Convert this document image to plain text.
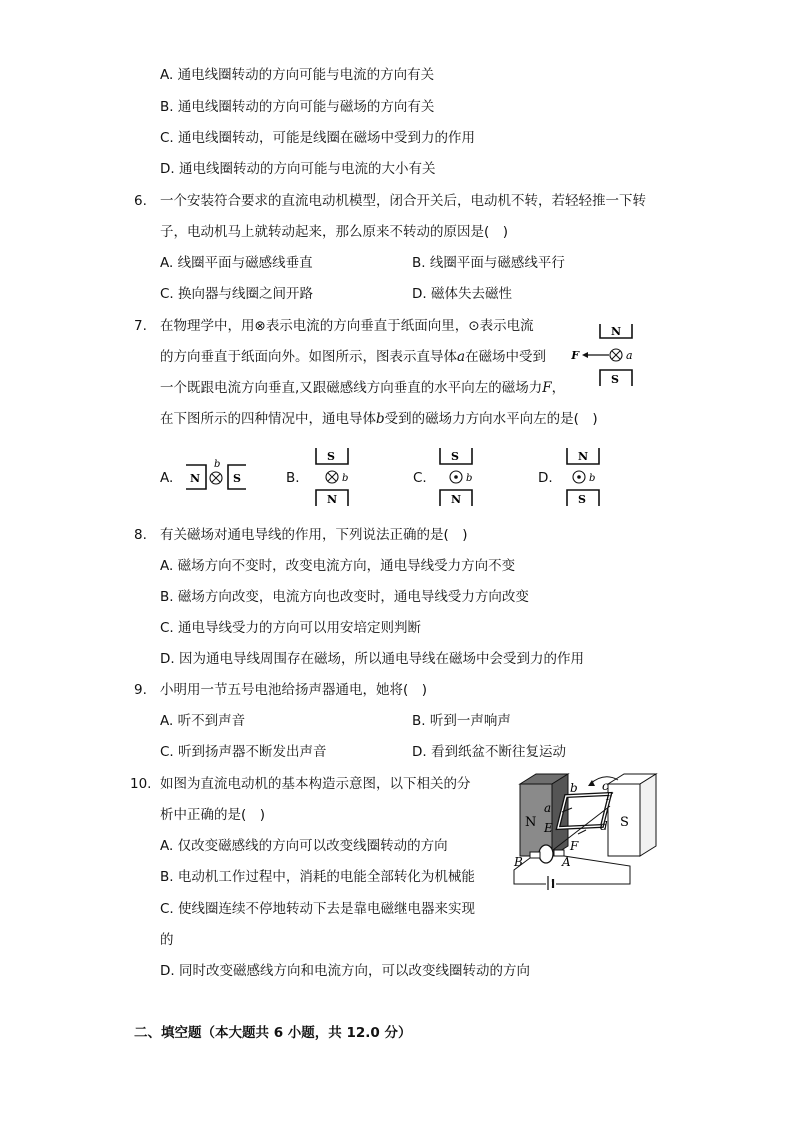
A. 通电线圈转动的方向可能与电流的方向有关
B. 通电线圈转动的方向可能与磁场的方向有关
C. 通电线圈转动，可能是线圈在磁场中受到力的作用
D. 通电线圈转动的方向可能与电流的大小有关
6. 一个安装符合要求的直流电动机模型，闭合开关后，电动机不转，若轻轻推一下转
子，电动机马上就转动起来，那么原来不转动的原因是(　)
A. 线圈平面与磁感线垂直	B. 线圈平面与磁感线平行
C. 换向器与线圈之间开路	D. 磁体失去磁性
7. 在物理学中，用⊗表示电流的方向垂直于纸面向里，⊙表示电流
的方向垂直于纸面向外。如图所示，图表示直导体a在磁场中受到
一个既跟电流方向垂直,又跟磁感线方向垂直的水平向左的磁场力F，
在下图所示的四种情况中，通电导体b受到的磁场力方向水平向左的是(　)
N
F	a
S
A. N
b
S	B.
S
b
N
C.
S
b
N
D.
N
b
S
8. 有关磁场对通电导线的作用，下列说法正确的是(　)
A. 磁场方向不变时，改变电流方向，通电导线受力方向不变
B. 磁场方向改变，电流方向也改变时，通电导线受力方向改变
C. 通电导线受力的方向可以用安培定则判断
D. 因为通电导线周围存在磁场，所以通电导线在磁场中会受到力的作用
9. 小明用一节五号电池给扬声器通电，她将(　)
A. 听不到声音	B. 听到一声响声
C. 听到扬声器不断发出声音	D. 看到纸盆不断往复运动
10. 如图为直流电动机的基本构造示意图，以下相关的分
析中正确的是(　)
A. 仅改变磁感线的方向可以改变线圈转动的方向
B. 电动机工作过程中，消耗的电能全部转化为机械能
C. 使线圈连续不停地转动下去是靠电磁继电器来实现
的
D. 同时改变磁感线方向和电流方向，可以改变线圈转动的方向
N	S
a
b c
d
E
F
F
B	A
二、填空题（本大题共 6 小题，共 12.0 分）
